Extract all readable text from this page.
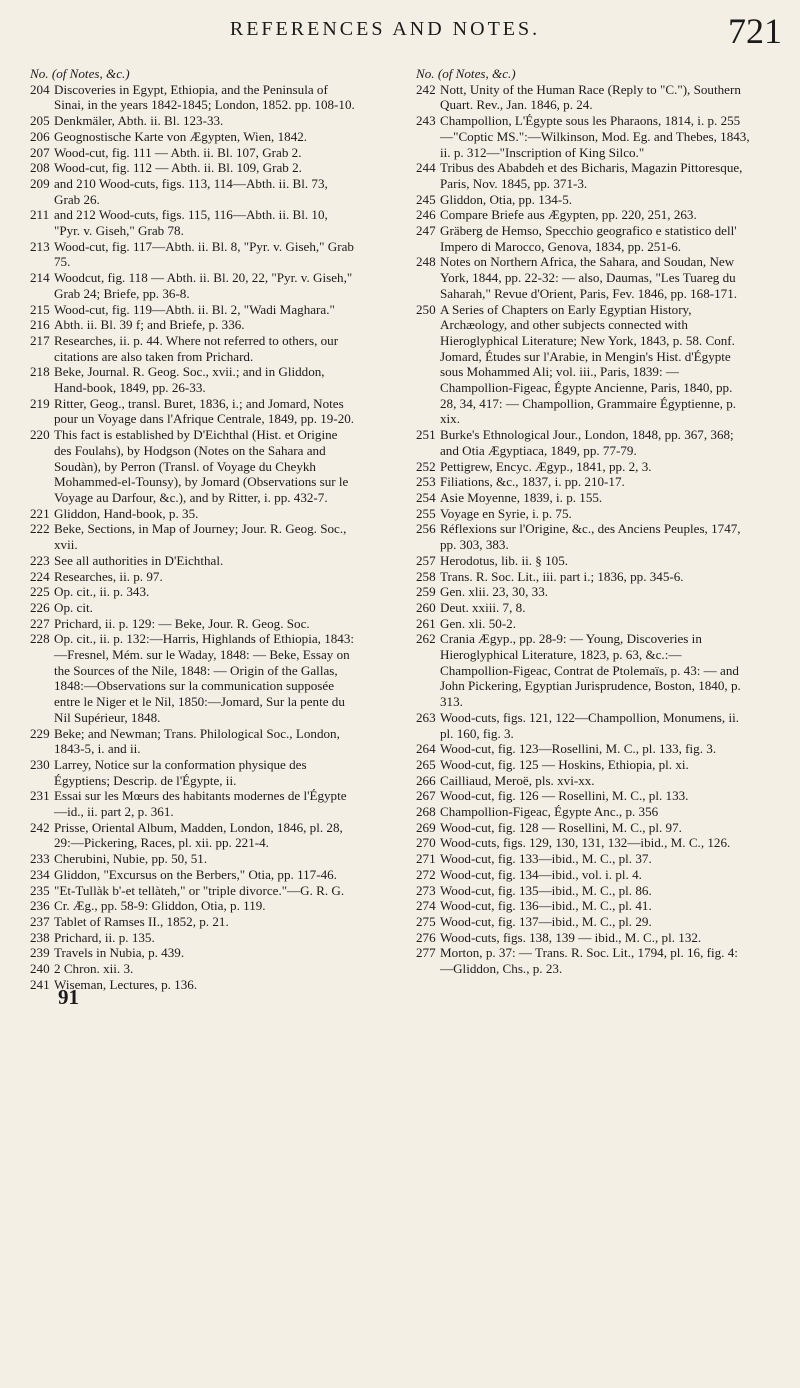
REFERENCES AND NOTES.	721
No. (of Notes, &c.)

204 Discoveries in Egypt, Ethiopia, and the Peninsula of Sinai, in the years 1842-1845; London, 1852. pp. 108-10.

205 Denkmäler, Abth. ii. Bl. 123-33.

206 Geognostische Karte von Ægypten, Wien, 1842.

207 Wood-cut, fig. 111 — Abth. ii. Bl. 107, Grab 2.

208 Wood-cut, fig. 112 — Abth. ii. Bl. 109, Grab 2.

209 and 210 Wood-cuts, figs. 113, 114—Abth. ii. Bl. 73, Grab 26.

211 and 212 Wood-cuts, figs. 115, 116—Abth. ii. Bl. 10, "Pyr. v. Giseh," Grab 78.

213 Wood-cut, fig. 117—Abth. ii. Bl. 8, "Pyr. v. Giseh," Grab 75.

214 Woodcut, fig. 118 — Abth. ii. Bl. 20, 22, "Pyr. v. Giseh," Grab 24; Briefe, pp. 36-8.

215 Wood-cut, fig. 119—Abth. ii. Bl. 2, "Wadi Maghara."

216 Abth. ii. Bl. 39 f; and Briefe, p. 336.

217 Researches, ii. p. 44. Where not referred to others, our citations are also taken from Prichard.

218 Beke, Journal. R. Geog. Soc., xvii.; and in Gliddon, Hand-book, 1849, pp. 26-33.

219 Ritter, Geog., transl. Buret, 1836, i.; and Jomard, Notes pour un Voyage dans l'Afrique Centrale, 1849, pp. 19-20.

220 This fact is established by D'Eichthal (Hist. et Origine des Foulahs), by Hodgson (Notes on the Sahara and Soudàn), by Perron (Transl. of Voyage du Cheykh Mohammed-el-Tounsy), by Jomard (Observations sur le Voyage au Darfour, &c.), and by Ritter, i. pp. 432-7.

221 Gliddon, Hand-book, p. 35.

222 Beke, Sections, in Map of Journey; Jour. R. Geog. Soc., xvii.

223 See all authorities in D'Eichthal.

224 Researches, ii. p. 97.

225 Op. cit., ii. p. 343.

226 Op. cit.

227 Prichard, ii. p. 129: — Beke, Jour. R. Geog. Soc.

228 Op. cit., ii. p. 132:—Harris, Highlands of Ethiopia, 1843:—Fresnel, Mém. sur le Waday, 1848: — Beke, Essay on the Sources of the Nile, 1848: — Origin of the Gallas, 1848:—Observations sur la communication supposée entre le Niger et le Nil, 1850:—Jomard, Sur la pente du Nil Supérieur, 1848.

229 Beke; and Newman; Trans. Philological Soc., London, 1843-5, i. and ii.

230 Larrey, Notice sur la conformation physique des Égyptiens; Descrip. de l'Égypte, ii.

231 Essai sur les Mœurs des habitants modernes de l'Égypte—id., ii. part 2, p. 361.

242 Prisse, Oriental Album, Madden, London, 1846, pl. 28, 29:—Pickering, Races, pl. xii. pp. 221-4.

233 Cherubini, Nubie, pp. 50, 51.

234 Gliddon, "Excursus on the Berbers," Otia, pp. 117-46.

235 "Et-Tullàk b'-et tellàteh," or "triple divorce."—G. R. G.

236 Cr. Æg., pp. 58-9: Gliddon, Otia, p. 119.

237 Tablet of Ramses II., 1852, p. 21.

238 Prichard, ii. p. 135.

239 Travels in Nubia, p. 439.

240 2 Chron. xii. 3.

241 Wiseman, Lectures, p. 136.

91
No. (of Notes, &c.)

242 Nott, Unity of the Human Race (Reply to "C."), Southern Quart. Rev., Jan. 1846, p. 24.

243 Champollion, L'Égypte sous les Pharaons, 1814, i. p. 255—"Coptic MS.":—Wilkinson, Mod. Eg. and Thebes, 1843, ii. p. 312—"Inscription of King Silco."

244 Tribus des Ababdeh et des Bicharis, Magazin Pittoresque, Paris, Nov. 1845, pp. 371-3.

245 Gliddon, Otia, pp. 134-5.

246 Compare Briefe aus Ægypten, pp. 220, 251, 263.

247 Gräberg de Hemso, Specchio geografico e statistico dell' Impero di Marocco, Genova, 1834, pp. 251-6.

248 Notes on Northern Africa, the Sahara, and Soudan, New York, 1844, pp. 22-32: — also, Daumas, "Les Tuareg du Saharah," Revue d'Orient, Paris, Fev. 1846, pp. 168-171.

250 A Series of Chapters on Early Egyptian History, Archæology, and other subjects connected with Hieroglyphical Literature; New York, 1843, p. 58. Conf. Jomard, Études sur l'Arabie, in Mengin's Hist. d'Égypte sous Mohammed Ali; vol. iii., Paris, 1839: — Champollion-Figeac, Égypte Ancienne, Paris, 1840, pp. 28, 34, 417: — Champollion, Grammaire Égyptienne, p. xix.

251 Burke's Ethnological Jour., London, 1848, pp. 367, 368; and Otia Ægyptiaca, 1849, pp. 77-79.

252 Pettigrew, Encyc. Ægyp., 1841, pp. 2, 3.

253 Filiations, &c., 1837, i. pp. 210-17.

254 Asie Moyenne, 1839, i. p. 155.

255 Voyage en Syrie, i. p. 75.

256 Réflexions sur l'Origine, &c., des Anciens Peuples, 1747, pp. 303, 383.

257 Herodotus, lib. ii. § 105.

258 Trans. R. Soc. Lit., iii. part i.; 1836, pp. 345-6.

259 Gen. xlii. 23, 30, 33.

260 Deut. xxiii. 7, 8.

261 Gen. xli. 50-2.

262 Crania Ægyp., pp. 28-9: — Young, Discoveries in Hieroglyphical Literature, 1823, p. 63, &c.:—Champollion-Figeac, Contrat de Ptolemaïs, p. 43: — and John Pickering, Egyptian Jurisprudence, Boston, 1840, p. 313.

263 Wood-cuts, figs. 121, 122—Champollion, Monumens, ii. pl. 160, fig. 3.

264 Wood-cut, fig. 123—Rosellini, M. C., pl. 133, fig. 3.

265 Wood-cut, fig. 125 — Hoskins, Ethiopia, pl. xi.

266 Cailliaud, Meroë, pls. xvi-xx.

267 Wood-cut, fig. 126 — Rosellini, M. C., pl. 133.

268 Champollion-Figeac, Égypte Anc., p. 356

269 Wood-cut, fig. 128 — Rosellini, M. C., pl. 97.

270 Wood-cuts, figs. 129, 130, 131, 132—ibid., M. C., 126.

271 Wood-cut, fig. 133—ibid., M. C., pl. 37.

272 Wood-cut, fig. 134—ibid., vol. i. pl. 4.

273 Wood-cut, fig. 135—ibid., M. C., pl. 86.

274 Wood-cut, fig. 136—ibid., M. C., pl. 41.

275 Wood-cut, fig. 137—ibid., M. C., pl. 29.

276 Wood-cuts, figs. 138, 139 — ibid., M. C., pl. 132.

277 Morton, p. 37: — Trans. R. Soc. Lit., 1794, pl. 16, fig. 4:—Gliddon, Chs., p. 23.
